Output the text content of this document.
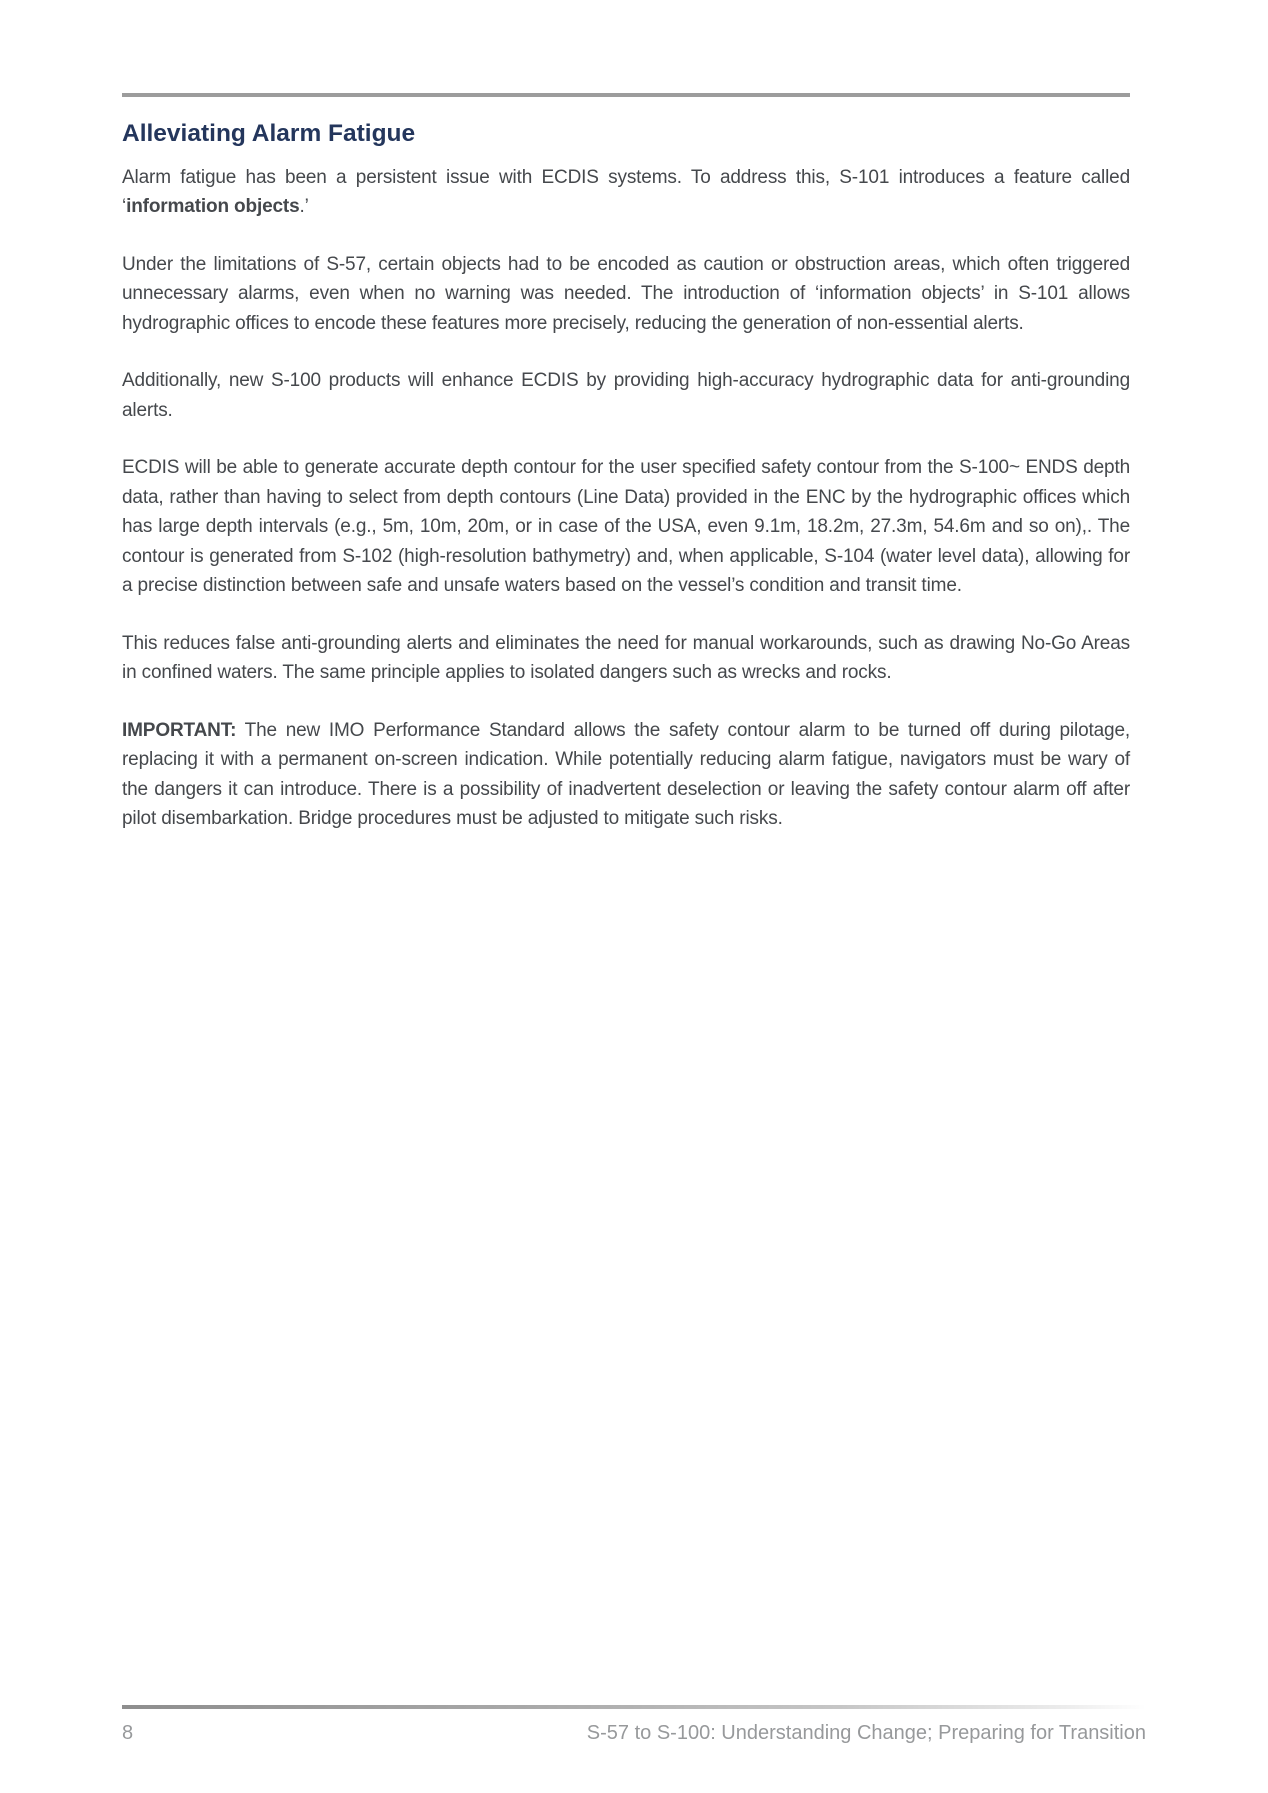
Alleviating Alarm Fatigue

Alarm fatigue has been a persistent issue with ECDIS systems. To address this, S-101 introduces a feature called ‘information objects.’

Under the limitations of S-57, certain objects had to be encoded as caution or obstruction areas, which often triggered unnecessary alarms, even when no warning was needed. The introduction of ‘information objects’ in S-101 allows hydrographic offices to encode these features more precisely, reducing the generation of non-essential alerts.

Additionally, new S-100 products will enhance ECDIS by providing high-accuracy hydrographic data for anti-grounding alerts.

ECDIS will be able to generate accurate depth contour for the user specified safety contour from the S-100~ ENDS depth data, rather than having to select from depth contours (Line Data) provided in the ENC by the hydrographic offices which has large depth intervals (e.g., 5m, 10m, 20m, or in case of the USA, even 9.1m, 18.2m, 27.3m, 54.6m and so on),. The contour is generated from S-102 (high-resolution bathymetry) and, when applicable, S-104 (water level data), allowing for a precise distinction between safe and unsafe waters based on the vessel’s condition and transit time.

This reduces false anti-grounding alerts and eliminates the need for manual workarounds, such as drawing No-Go Areas in confined waters. The same principle applies to isolated dangers such as wrecks and rocks.

IMPORTANT: The new IMO Performance Standard allows the safety contour alarm to be turned off during pilotage, replacing it with a permanent on-screen indication. While potentially reducing alarm fatigue, navigators must be wary of the dangers it can introduce. There is a possibility of inadvertent deselection or leaving the safety contour alarm off after pilot disembarkation. Bridge procedures must be adjusted to mitigate such risks.

8	S-57 to S-100: Understanding Change; Preparing for Transition
